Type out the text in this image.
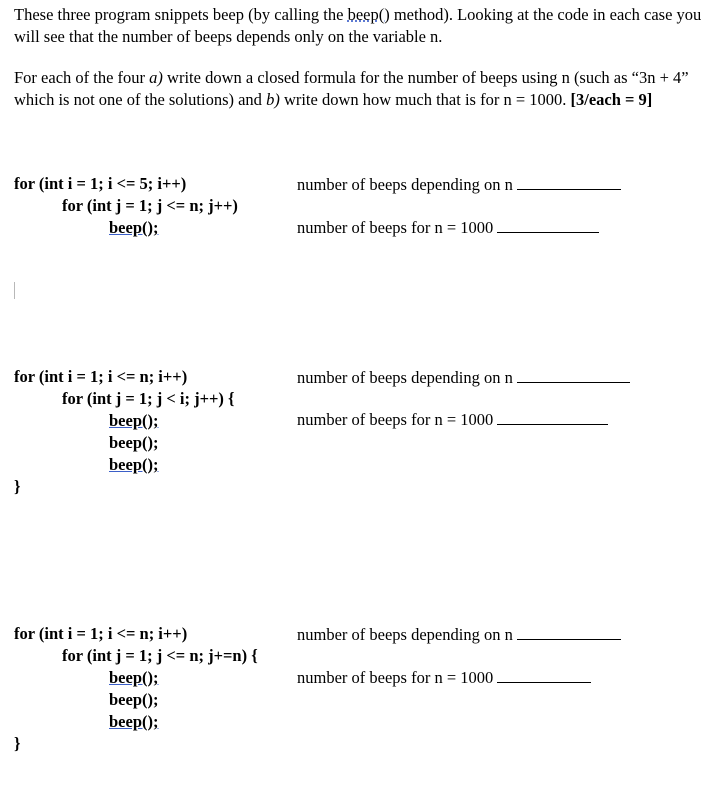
These three program snippets beep (by calling the beep() method). Looking at the code in each case you will see that the number of beeps depends only on the variable n.

For each of the four a) write down a closed formula for the number of beeps using n (such as “3n + 4” which is not one of the solutions) and b) write down how much that is for n = 1000. [3/each = 9]

for (int i = 1; i <= 5; i++)
for (int j = 1; j <= n; j++)
beep();
number of beeps depending on n
number of beeps for n = 1000
for (int i = 1; i <= n; i++)
for (int j = 1; j < i; j++) {
beep();
beep();
beep();
}
number of beeps depending on n
number of beeps for n = 1000
for (int i = 1; i <= n; i++)
for (int j = 1; j <= n; j+=n) {
beep();
beep();
beep();
}
number of beeps depending on n
number of beeps for n = 1000
